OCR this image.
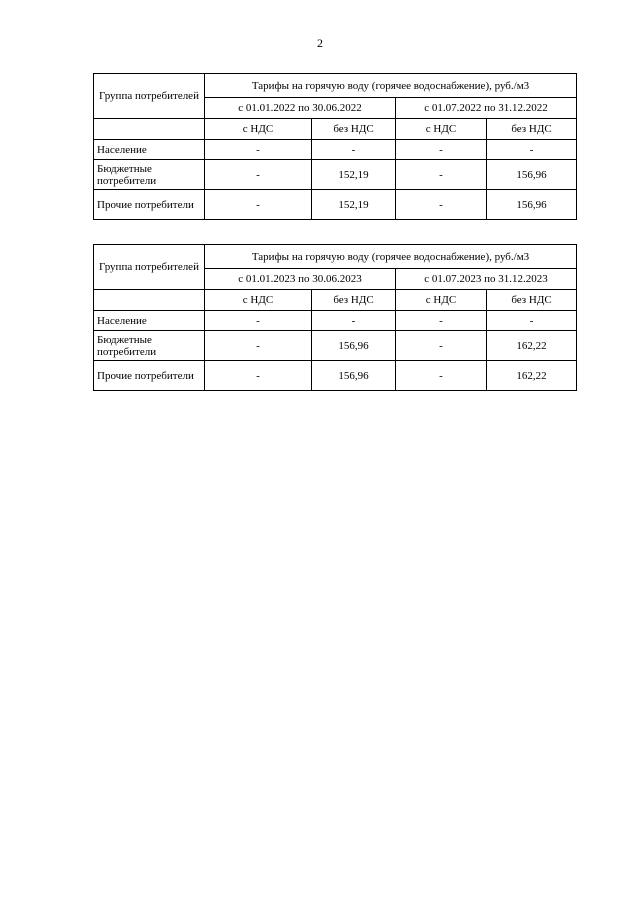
2
Группа потребителей	Тарифы на горячую воду (горячее водоснабжение), руб./м3			
	с 01.01.2022 по 30.06.2022		с 01.07.2022 по 31.12.2022	
	с НДС	без НДС	с НДС	без НДС
Население	-	-	-	-
Бюджетные потребители	-	152,19	-	156,96
Прочие потребители	-	152,19	-	156,96
Группа потребителей	Тарифы на горячую воду (горячее водоснабжение), руб./м3			
	с 01.01.2023 по 30.06.2023		с 01.07.2023 по 31.12.2023	
	с НДС	без НДС	с НДС	без НДС
Население	-	-	-	-
Бюджетные потребители	-	156,96	-	162,22
Прочие потребители	-	156,96	-	162,22
